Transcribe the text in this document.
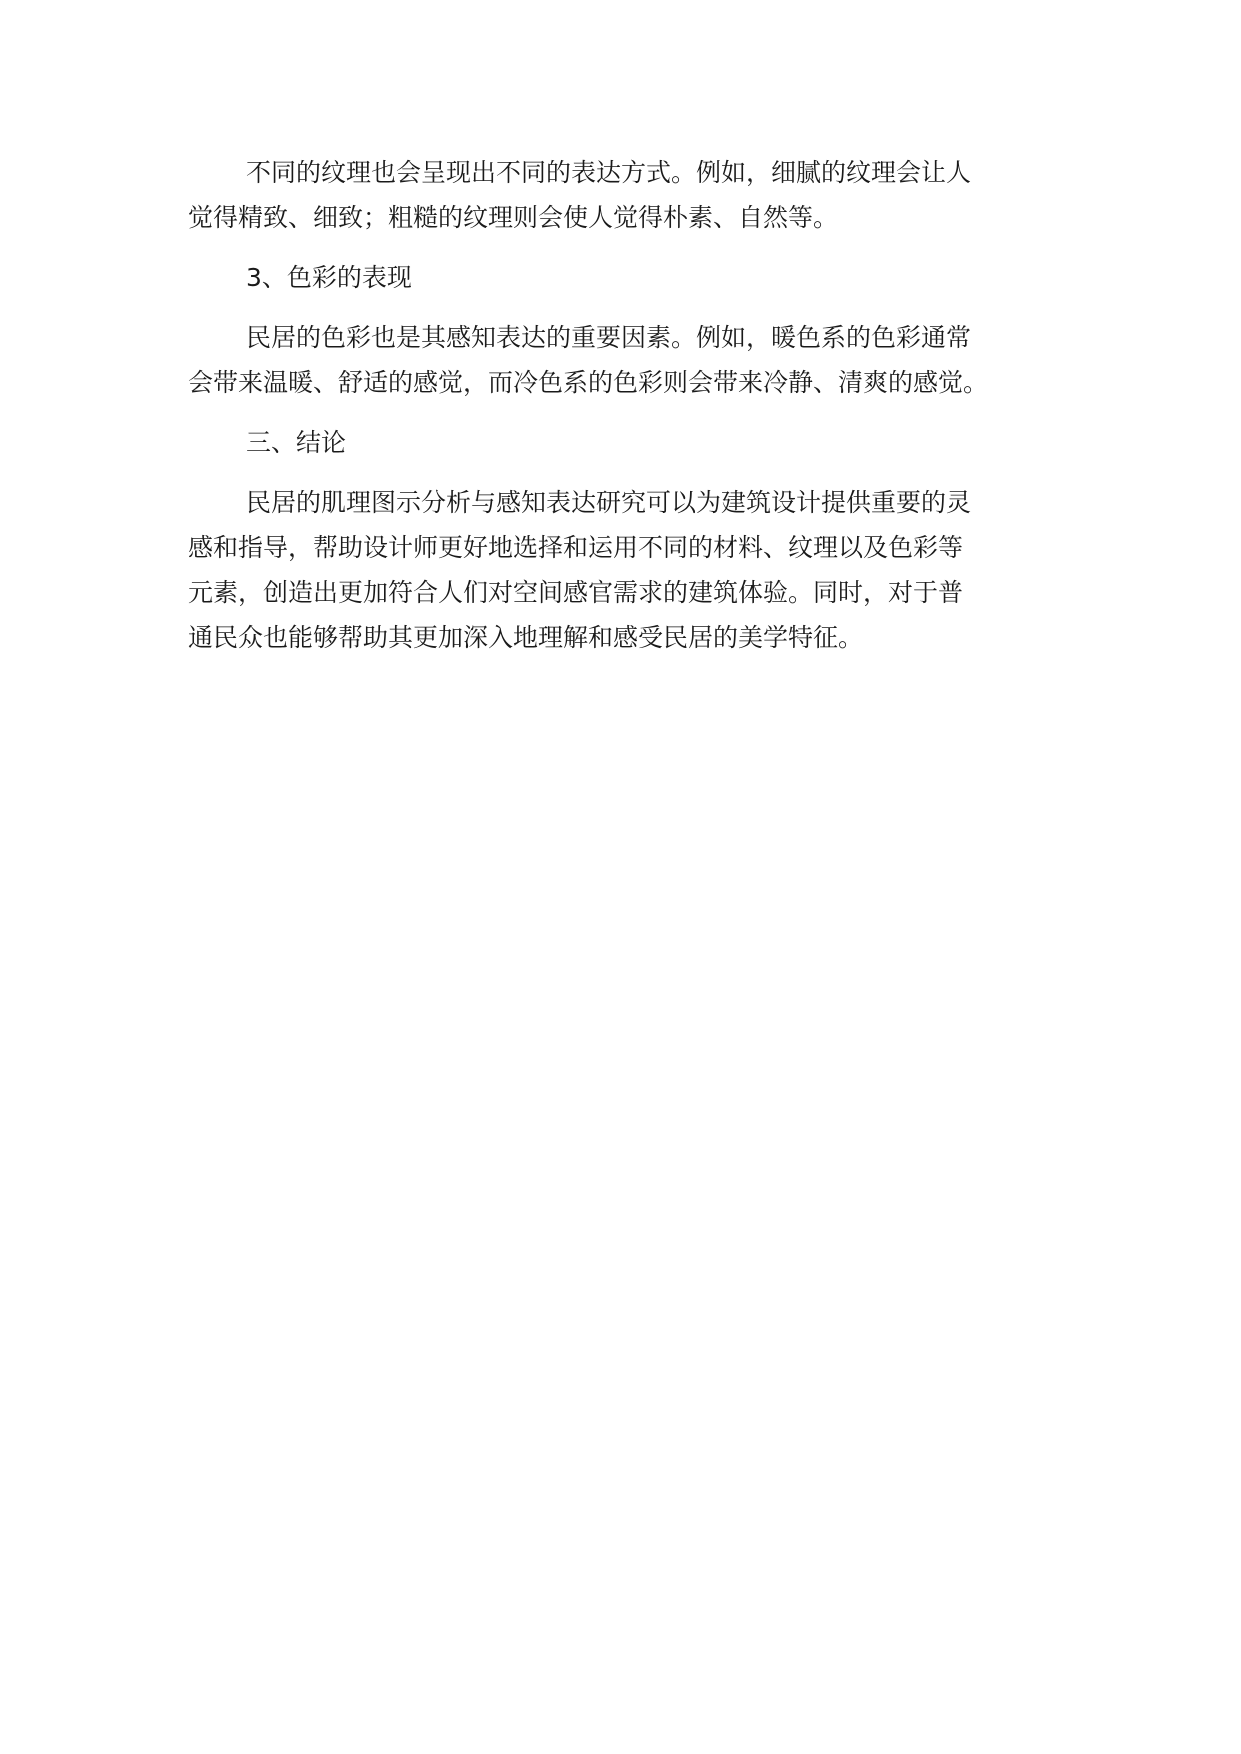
不同的纹理也会呈现出不同的表达方式。例如，细腻的纹理会让人
觉得精致、细致；粗糙的纹理则会使人觉得朴素、自然等。

3、色彩的表现

民居的色彩也是其感知表达的重要因素。例如，暖色系的色彩通常
会带来温暖、舒适的感觉，而冷色系的色彩则会带来冷静、清爽的感觉。

三、结论

民居的肌理图示分析与感知表达研究可以为建筑设计提供重要的灵
感和指导，帮助设计师更好地选择和运用不同的材料、纹理以及色彩等
元素，创造出更加符合人们对空间感官需求的建筑体验。同时，对于普
通民众也能够帮助其更加深入地理解和感受民居的美学特征。
